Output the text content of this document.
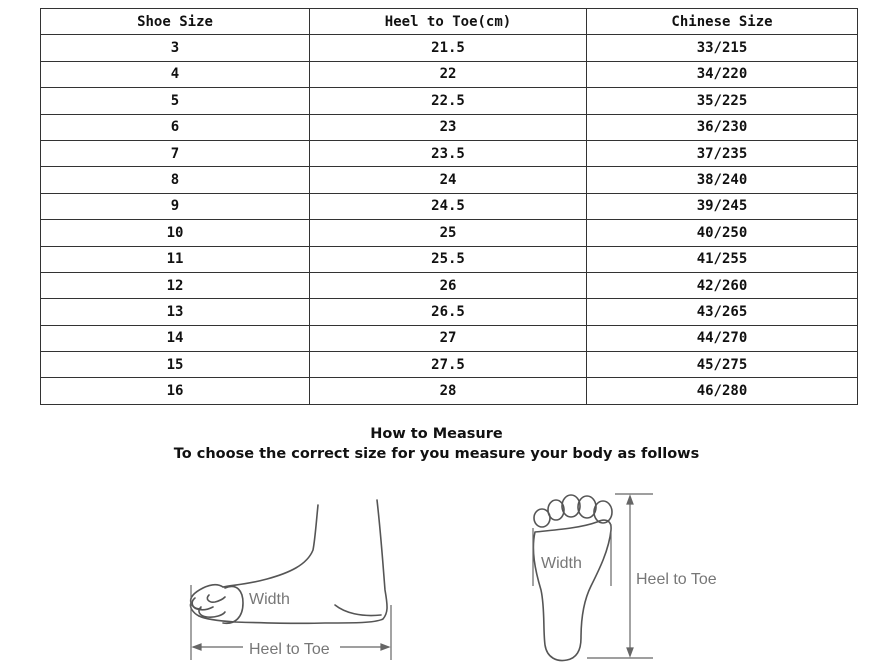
Shoe Size	Heel to Toe(cm)	Chinese Size
3	21.5	33/215
4	22	34/220
5	22.5	35/225
6	23	36/230
7	23.5	37/235
8	24	38/240
9	24.5	39/245
10	25	40/250
11	25.5	41/255
12	26	42/260
13	26.5	43/265
14	27	44/270
15	27.5	45/275
16	28	46/280
How to Measure
To choose the correct size for you measure your body as follows
Width
Heel to Toe
Width
Heel to Toe
